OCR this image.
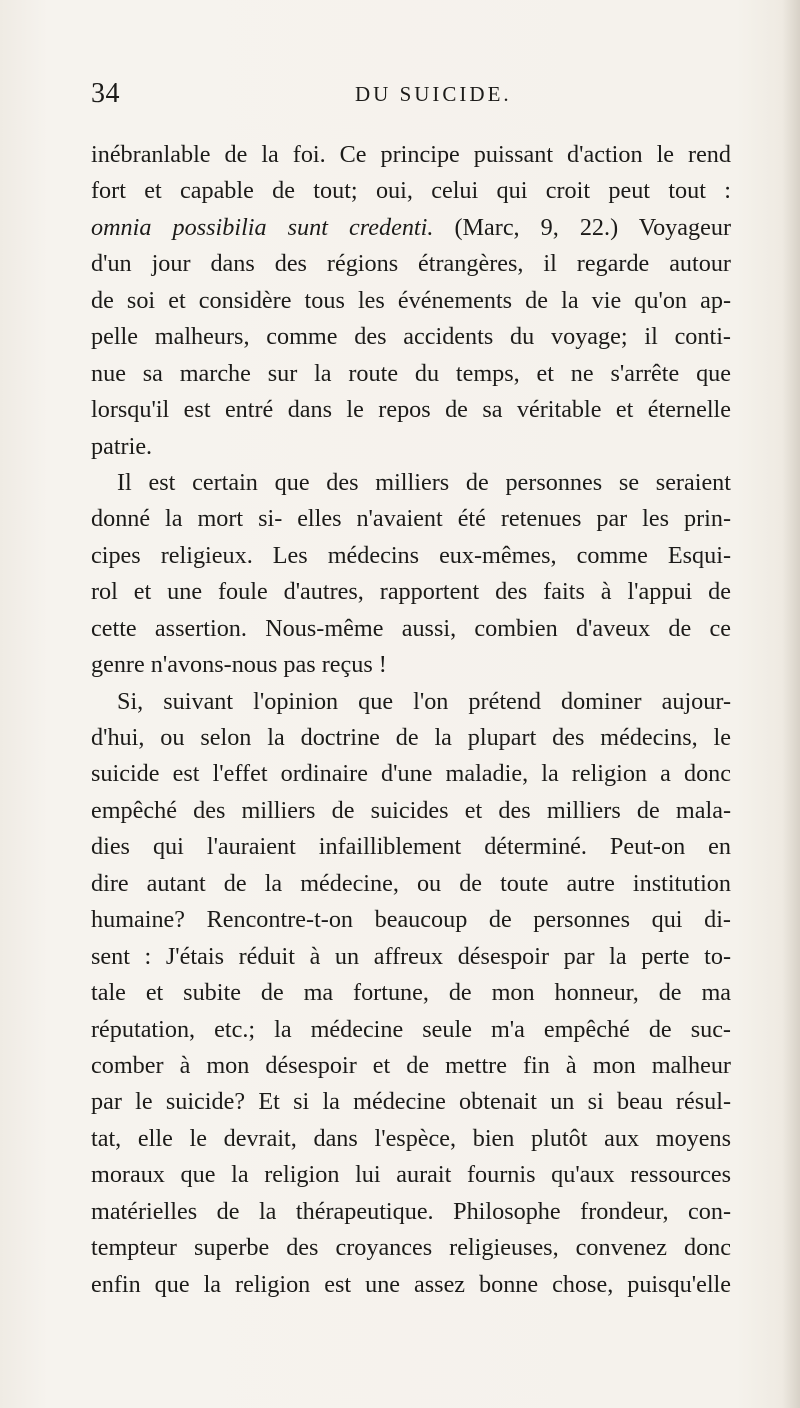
34	DU SUICIDE.
inébranlable de la foi. Ce principe puissant d'action le rend
fort et capable de tout; oui, celui qui croit peut tout :
omnia possibilia sunt credenti. (Marc, 9, 22.) Voyageur
d'un jour dans des régions étrangères, il regarde autour
de soi et considère tous les événements de la vie qu'on ap-
pelle malheurs, comme des accidents du voyage; il conti-
nue sa marche sur la route du temps, et ne s'arrête que
lorsqu'il est entré dans le repos de sa véritable et éternelle
patrie.
Il est certain que des milliers de personnes se seraient
donné la mort si- elles n'avaient été retenues par les prin-
cipes religieux. Les médecins eux-mêmes, comme Esqui-
rol et une foule d'autres, rapportent des faits à l'appui de
cette assertion. Nous-même aussi, combien d'aveux de ce
genre n'avons-nous pas reçus !
Si, suivant l'opinion que l'on prétend dominer aujour-
d'hui, ou selon la doctrine de la plupart des médecins, le
suicide est l'effet ordinaire d'une maladie, la religion a donc
empêché des milliers de suicides et des milliers de mala-
dies qui l'auraient infailliblement déterminé. Peut-on en
dire autant de la médecine, ou de toute autre institution
humaine? Rencontre-t-on beaucoup de personnes qui di-
sent : J'étais réduit à un affreux désespoir par la perte to-
tale et subite de ma fortune, de mon honneur, de ma
réputation, etc.; la médecine seule m'a empêché de suc-
comber à mon désespoir et de mettre fin à mon malheur
par le suicide? Et si la médecine obtenait un si beau résul-
tat, elle le devrait, dans l'espèce, bien plutôt aux moyens
moraux que la religion lui aurait fournis qu'aux ressources
matérielles de la thérapeutique. Philosophe frondeur, con-
tempteur superbe des croyances religieuses, convenez donc
enfin que la religion est une assez bonne chose, puisqu'elle
